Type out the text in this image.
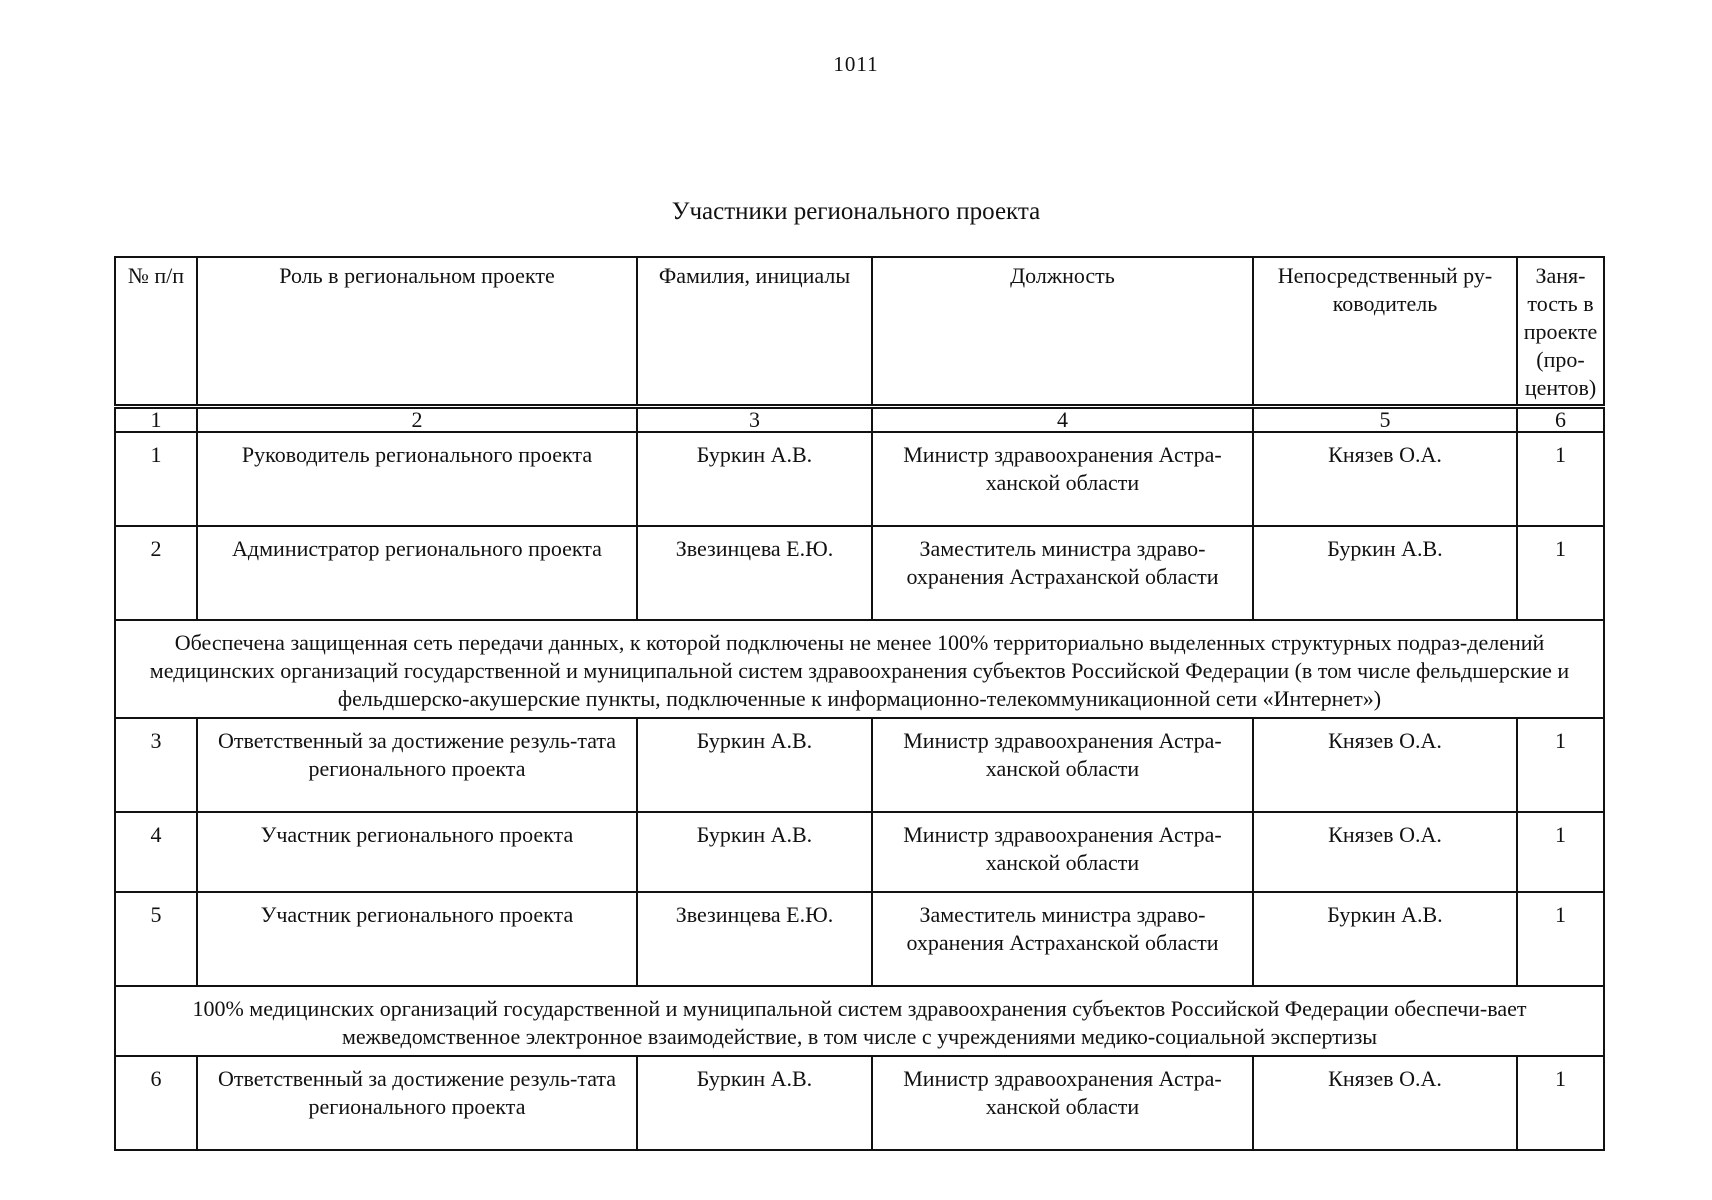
1011
Участники регионального проекта
№ п/п	Роль в региональном проекте	Фамилия, инициалы	Должность	Непосредственный ру-ководитель	Заня-тость в проекте (про-центов)
1	2	3	4	5	6
1	Руководитель регионального проекта	Буркин А.В.	Министр здравоохранения Астра-ханской области	Князев О.А.	1
2	Администратор регионального проекта	Звезинцева Е.Ю.	Заместитель министра здраво-охранения Астраханской области	Буркин А.В.	1
Обеспечена защищенная сеть передачи данных, к которой подключены не менее 100% территориально выделенных структурных подраз-делений медицинских организаций государственной и муниципальной систем здравоохранения субъектов Российской Федерации (в том числе фельдшерские и фельдшерско-акушерские пункты, подключенные к информационно-телекоммуникационной сети «Интернет»)					
3	Ответственный за достижение резуль-тата регионального проекта	Буркин А.В.	Министр здравоохранения Астра-ханской области	Князев О.А.	1
4	Участник регионального проекта	Буркин А.В.	Министр здравоохранения Астра-ханской области	Князев О.А.	1
5	Участник регионального проекта	Звезинцева Е.Ю.	Заместитель министра здраво-охранения Астраханской области	Буркин А.В.	1
100% медицинских организаций государственной и муниципальной систем здравоохранения субъектов Российской Федерации обеспечи-вает межведомственное электронное взаимодействие, в том числе с учреждениями медико-социальной экспертизы					
6	Ответственный за достижение резуль-тата регионального проекта	Буркин А.В.	Министр здравоохранения Астра-ханской области	Князев О.А.	1
